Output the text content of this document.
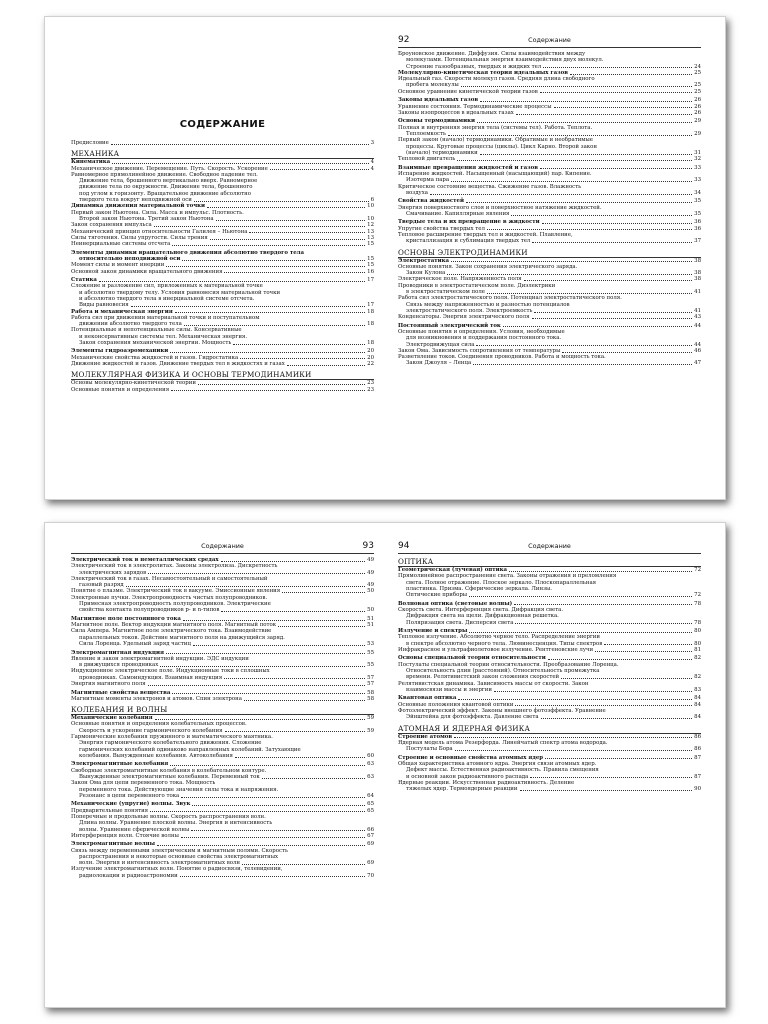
СОДЕРЖАНИЕ
Предисловие	3
МЕХАНИКА
Кинематика	4
Механическое движение. Перемещение. Путь. Скорость. Ускорение	4
Равномерное прямолинейное движение. Свободное падение тел.
Движение тела, брошенного вертикально вверх. Равномерное
движение тела по окружности. Движение тела, брошенного
под углом к горизонту. Вращательное движение абсолютно
твердого тела вокруг неподвижной оси	6
Динамика движения материальной точки	10
Первый закон Ньютона. Сила. Масса и импульс. Плотность.
Второй закон Ньютона. Третий закон Ньютона	10
Закон сохранения импульса	12
Механический принцип относительности Галилея – Ньютона	13
Силы тяготения. Силы упругости. Силы трения	13
Неинерциальные системы отсчета	15
Элементы динамики вращательного движения абсолютно твердого тела
относительно неподвижной оси	15
Момент силы и момент инерции	15
Основной закон динамики вращательного движения	16
Статика	17
Сложение и разложение сил, приложенных к материальной точке
и абсолютно твердому телу. Условия равновесия материальной точки
и абсолютно твердого тела в инерциальной системе отсчета.
Виды равновесия	17
Работа и механическая энергия	18
Работа сил при движении материальной точки и поступательном
движении абсолютно твердого тела	18
Потенциальные и непотенциальные силы. Консервативные
и неконсервативные системы тел. Механическая энергия.
Закон сохранения механической энергии. Мощность	18
Элементы гидроаэромеханики	20
Механические свойства жидкостей и газов. Гидростатика	20
Движение жидкостей и газов. Движение твердых тел в жидкостях и газах	22
МОЛЕКУЛЯРНАЯ ФИЗИКА И ОСНОВЫ ТЕРМОДИНАМИКИ
Основы молекулярно-кинетической теории	23
Основные понятия и определения	23
92	Содержание
Броуновское движение. Диффузия. Силы взаимодействия между
молекулами. Потенциальная энергия взаимодействия двух молекул.
Строение газообразных, твердых и жидких тел	24
Молекулярно-кинетическая теория идеальных газов	25
Идеальный газ. Скорости молекул газов. Средняя длина свободного
пробега молекулы	25
Основное уравнение кинетической теории газов	25
Законы идеальных газов	26
Уравнение состояния. Термодинамические процессы	26
Законы изопроцессов в идеальных газах	26
Основы термодинамики	29
Полная и внутренняя энергия тела (системы тел). Работа. Теплота.
Теплоемкость	29
Первый закон (начало) термодинамики. Обратимые и необратимые
процессы. Круговые процессы (циклы). Цикл Карно. Второй закон
(начало) термодинамики	31
Тепловой двигатель	32
Взаимные превращения жидкостей и газов	33
Испарение жидкостей. Насыщенный (насыщающий) пар. Кипение.
Изотерма пара	33
Критическое состояние вещества. Сжижение газов. Влажность
воздуха	34
Свойства жидкостей	35
Энергия поверхностного слоя и поверхностное натяжение жидкостей.
Смачивание. Капиллярные явления	35
Твердые тела и их превращение в жидкости	36
Упругие свойства твердых тел	36
Тепловое расширение твердых тел и жидкостей. Плавление,
кристаллизация и сублимация твердых тел	37
ОСНОВЫ ЭЛЕКТРОДИНАМИКИ
Электростатика	38
Основные понятия. Закон сохранения электрического заряда.
Закон Кулона	38
Электрическое поле. Напряженность поля	38
Проводники в электростатическом поле. Диэлектрики
в электростатическом поле	41
Работа сил электростатического поля. Потенциал электростатического поля.
Связь между напряженностью и разностью потенциалов
электростатического поля. Электроемкость	41
Конденсаторы. Энергия электрического поля	43
Постоянный электрический ток	44
Основные понятия и определения. Условия, необходимые
для возникновения и поддержания постоянного тока.
Электродвижущая сила	44
Закон Ома. Зависимость сопротивления от температуры	46
Разветвление токов. Соединения проводников. Работа и мощность тока.
Закон Джоуля – Ленца	47
Содержание	93
Электрический ток в неметаллических средах	49
Электрический ток в электролитах. Законы электролиза. Дискретность
электрических зарядов	49
Электрический ток в газах. Несамостоятельный и самостоятельный
газовый разряд	49
Понятие о плазме. Электрический ток в вакууме. Эмиссионные явления	50
Электронные пучки. Электропроводность чистых полупроводников.
Примесная электропроводность полупроводников. Электрические
свойства контакта полупроводников p- и n-типов	50
Магнитное поле постоянного тока	51
Магнитное поле. Вектор индукции магнитного поля. Магнитный поток	51
Сила Ампера. Магнитное поле электрического тока. Взаимодействие
параллельных токов. Действие магнитного поля на движущийся заряд.
Сила Лоренца. Удельный заряд частиц	53
Электромагнитная индукция	55
Явление и закон электромагнитной индукции. ЭДС индукции
в движущихся проводниках	55
Индукционное электрическое поле. Индукционные токи в сплошных
проводниках. Самоиндукция. Взаимная индукция	57
Энергия магнитного поля	57
Магнитные свойства вещества	58
Магнитные моменты электронов и атомов. Спин электрона	58
КОЛЕБАНИЯ И ВОЛНЫ
Механические колебания	59
Основные понятия и определения колебательных процессов.
Скорость и ускорение гармонического колебания	59
Гармонические колебания пружинного и математического маятника.
Энергия гармонического колебательного движения. Сложение
гармонических колебаний одинаково направленных колебаний. Затухающие
колебания. Вынужденные колебания. Автоколебания	60
Электромагнитные колебания	63
Свободные электромагнитные колебания в колебательном контуре.
Вынужденные электромагнитные колебания. Переменный ток	63
Закон Ома для цепи переменного тока. Мощность
переменного тока. Действующие значения силы тока и напряжения.
Резонанс в цепи переменного тока	64
Механические (упругие) волны. Звук	65
Предварительные понятия	65
Поперечные и продольные волны. Скорость распространения волн.
Длина волны. Уравнение плоской волны. Энергия и интенсивность
волны. Уравнение сферической волны	66
Интерференция волн. Стоячие волны	67
Электромагнитные волны	69
Связь между переменными электрическим и магнитным полями. Скорость
распространения и некоторые основные свойства электромагнитных
волн. Энергия и интенсивность электромагнитных волн	69
Излучение электромагнитных волн. Понятие о радиосвязи, телевидении,
радиолокации и радиоастрономии	70
94	Содержание
ОПТИКА
Геометрическая (лучевая) оптика	72
Прямолинейное распространение света. Законы отражения и преломления
света. Полное отражение. Плоское зеркало. Плоскопараллельная
пластинка. Призма. Сферические зеркала. Линзы.
Оптические приборы	72
Волновая оптика (световые волны)	78
Скорость света. Интерференция света. Дифракция света.
Дифракция света на щели. Дифракционная решетка.
Поляризация света. Дисперсия света	78
Излучение и спектры	80
Тепловое излучение. Абсолютно черное тело. Распределение энергии
в спектре абсолютно черного тела. Люминесценция. Типы спектров	80
Инфракрасное и ультрафиолетовое излучение. Рентгеновские лучи	81
Основы специальной теории относительности	82
Постулаты специальной теории относительности. Преобразование Лоренца.
Относительность длин (расстояний). Относительность промежутка
времени. Релятивистский закон сложения скоростей	82
Релятивистская динамика. Зависимость массы от скорости. Закон
взаимосвязи массы и энергии	83
Квантовая оптика	84
Основные положения квантовой оптики	84
Фотоэлектрический эффект. Законы внешнего фотоэффекта. Уравнение
Эйнштейна для фотоэффекта. Давление света	84
АТОМНАЯ И ЯДЕРНАЯ ФИЗИКА
Строение атомов	86
Ядерная модель атома Резерфорда. Линейчатый спектр атома водорода.
Постулаты Бора	86
Строение и основные свойства атомных ядер	87
Общая характеристика атомного ядра. Энергия связи атомных ядер.
Дефект массы. Естественная радиоактивность. Правила смещения
и основной закон радиоактивного распада	87
Ядерные реакции. Искусственная радиоактивность. Деление
тяжелых ядер. Термоядерные реакции	90
